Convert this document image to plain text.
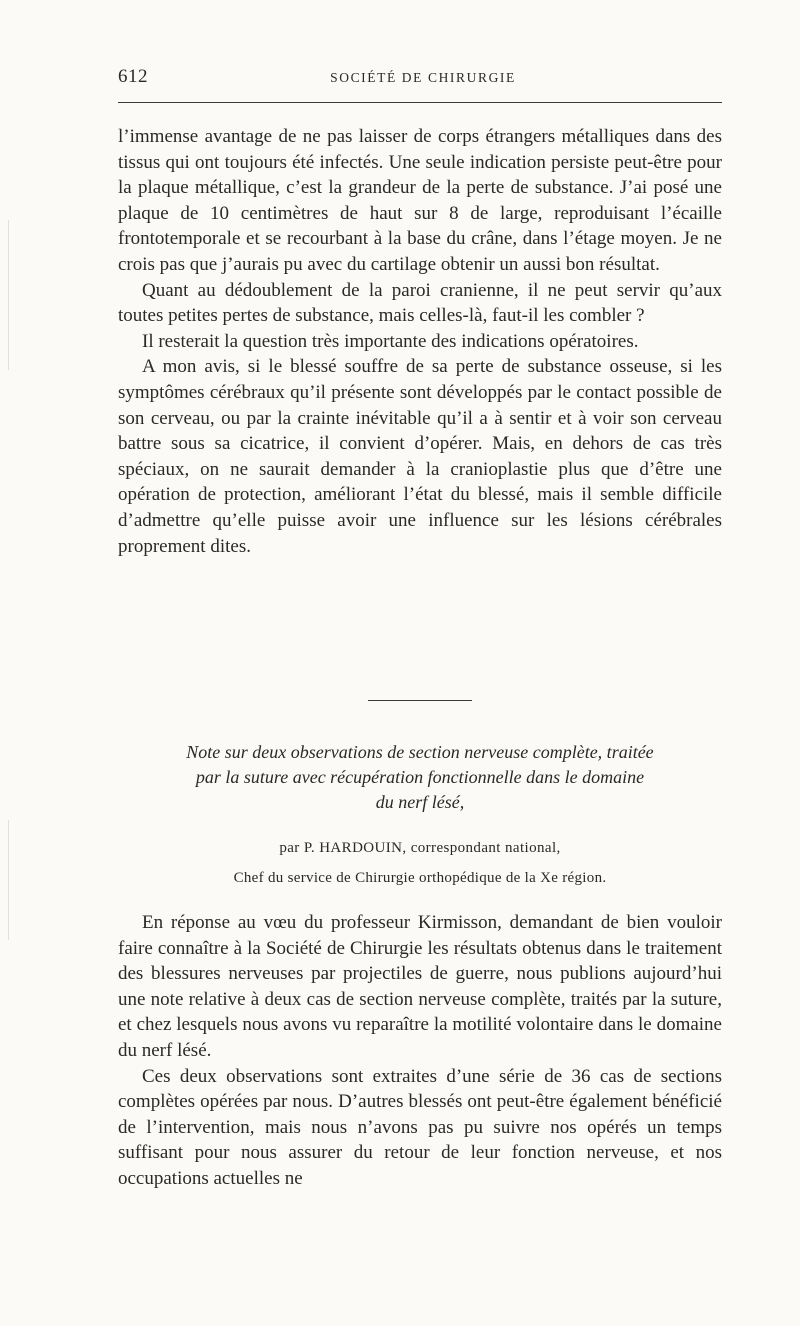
612	SOCIÉTÉ DE CHIRURGIE

l’immense avantage de ne pas laisser de corps étrangers métalliques dans des tissus qui ont toujours été infectés. Une seule indication persiste peut-être pour la plaque métallique, c’est la grandeur de la perte de substance. J’ai posé une plaque de 10 centimètres de haut sur 8 de large, reproduisant l’écaille frontotemporale et se recourbant à la base du crâne, dans l’étage moyen. Je ne crois pas que j’aurais pu avec du cartilage obtenir un aussi bon résultat.

Quant au dédoublement de la paroi cranienne, il ne peut servir qu’aux toutes petites pertes de substance, mais celles-là, faut-il les combler ?

Il resterait la question très importante des indications opératoires.

A mon avis, si le blessé souffre de sa perte de substance osseuse, si les symptômes cérébraux qu’il présente sont développés par le contact possible de son cerveau, ou par la crainte inévitable qu’il a à sentir et à voir son cerveau battre sous sa cicatrice, il convient d’opérer. Mais, en dehors de cas très spéciaux, on ne saurait demander à la cranioplastie plus que d’être une opération de protection, améliorant l’état du blessé, mais il semble difficile d’admettre qu’elle puisse avoir une influence sur les lésions cérébrales proprement dites.

Note sur deux observations de section nerveuse complète, traitée
par la suture avec récupération fonctionnelle dans le domaine
du nerf lésé,
par P. HARDOUIN, correspondant national,
Chef du service de Chirurgie orthopédique de la Xe région.

En réponse au vœu du professeur Kirmisson, demandant de bien vouloir faire connaître à la Société de Chirurgie les résultats obtenus dans le traitement des blessures nerveuses par projectiles de guerre, nous publions aujourd’hui une note relative à deux cas de section nerveuse complète, traités par la suture, et chez lesquels nous avons vu reparaître la motilité volontaire dans le domaine du nerf lésé.

Ces deux observations sont extraites d’une série de 36 cas de sections complètes opérées par nous. D’autres blessés ont peut-être également bénéficié de l’intervention, mais nous n’avons pas pu suivre nos opérés un temps suffisant pour nous assurer du retour de leur fonction nerveuse, et nos occupations actuelles ne
